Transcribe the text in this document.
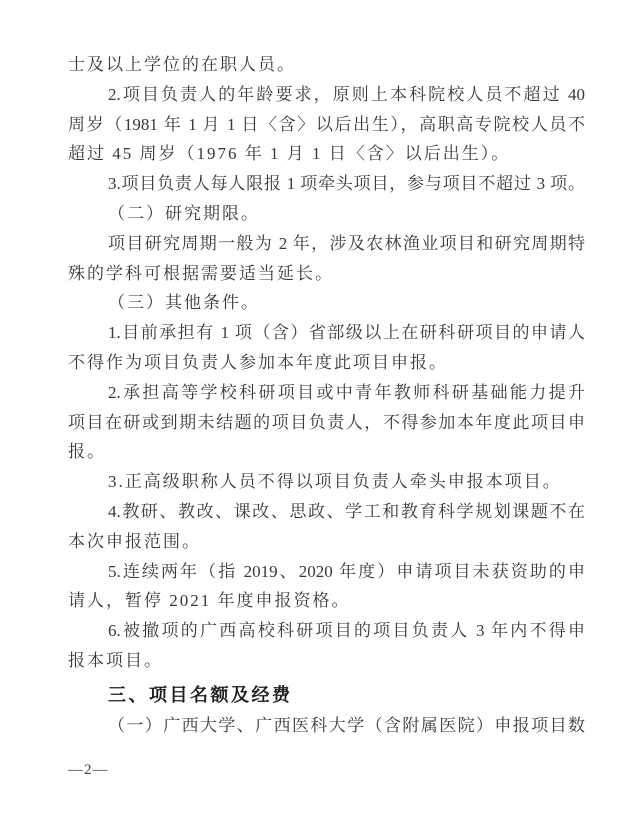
士及以上学位的在职人员。
2.项目负责人的年龄要求，原则上本科院校人员不超过 40
周岁（1981 年 1 月 1 日〈含〉以后出生），高职高专院校人员不
超过 45 周岁（1976 年 1 月 1 日〈含〉以后出生）。
3.项目负责人每人限报 1 项牵头项目，参与项目不超过 3 项。
（二）研究期限。
项目研究周期一般为 2 年，涉及农林渔业项目和研究周期特
殊的学科可根据需要适当延长。
（三）其他条件。
1.目前承担有 1 项（含）省部级以上在研科研项目的申请人
不得作为项目负责人参加本年度此项目申报。
2.承担高等学校科研项目或中青年教师科研基础能力提升
项目在研或到期未结题的项目负责人，不得参加本年度此项目申
报。
3.正高级职称人员不得以项目负责人牵头申报本项目。
4.教研、教改、课改、思政、学工和教育科学规划课题不在
本次申报范围。
5.连续两年（指 2019、2020 年度）申请项目未获资助的申
请人，暂停 2021 年度申报资格。
6.被撤项的广西高校科研项目的项目负责人 3 年内不得申
报本项目。
三、项目名额及经费
（一）广西大学、广西医科大学（含附属医院）申报项目数
—2—
